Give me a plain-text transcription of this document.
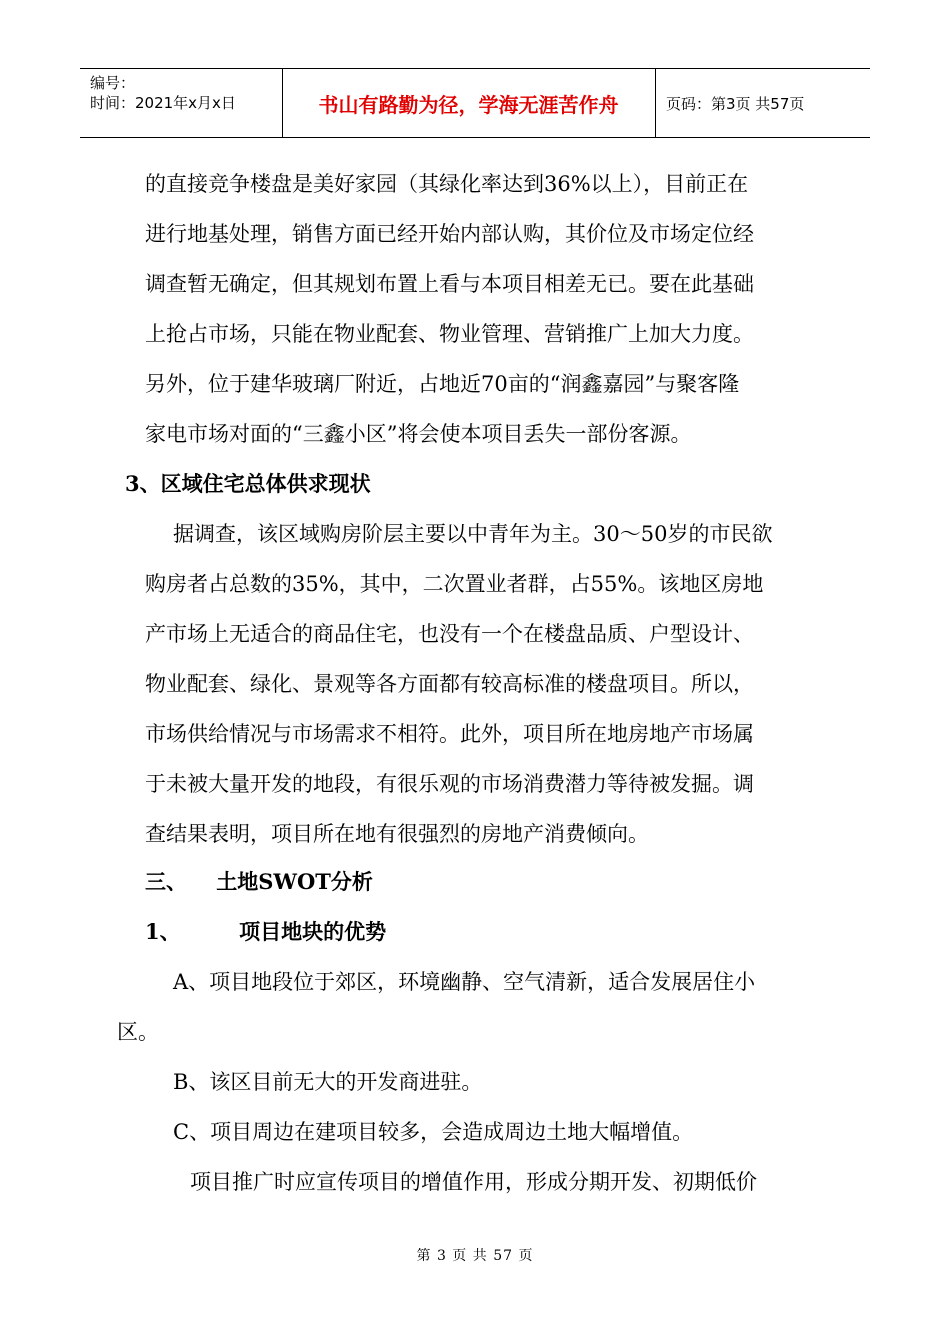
编号：
时间：2021年x月x日	书山有路勤为径，学海无涯苦作舟	页码：第3页 共57页
的直接竞争楼盘是美好家园（其绿化率达到36%以上），目前正在
进行地基处理，销售方面已经开始内部认购，其价位及市场定位经
调查暂无确定，但其规划布置上看与本项目相差无已。要在此基础
上抢占市场，只能在物业配套、物业管理、营销推广上加大力度。
另外，位于建华玻璃厂附近，占地近70亩的“润鑫嘉园”与聚客隆
家电市场对面的“三鑫小区”将会使本项目丢失一部份客源。
3、区域住宅总体供求现状
据调查，该区域购房阶层主要以中青年为主。30～50岁的市民欲
购房者占总数的35%，其中，二次置业者群，占55%。该地区房地
产市场上无适合的商品住宅，也没有一个在楼盘品质、户型设计、
物业配套、绿化、景观等各方面都有较高标准的楼盘项目。所以，
市场供给情况与市场需求不相符。此外，项目所在地房地产市场属
于未被大量开发的地段，有很乐观的市场消费潜力等待被发掘。调
查结果表明，项目所在地有很强烈的房地产消费倾向。
三、    土地SWOT分析
1、        项目地块的优势
A、项目地段位于郊区，环境幽静、空气清新，适合发展居住小
区。
B、该区目前无大的开发商进驻。
C、项目周边在建项目较多，会造成周边土地大幅增值。
项目推广时应宣传项目的增值作用，形成分期开发、初期低价
第 3 页 共 57 页
